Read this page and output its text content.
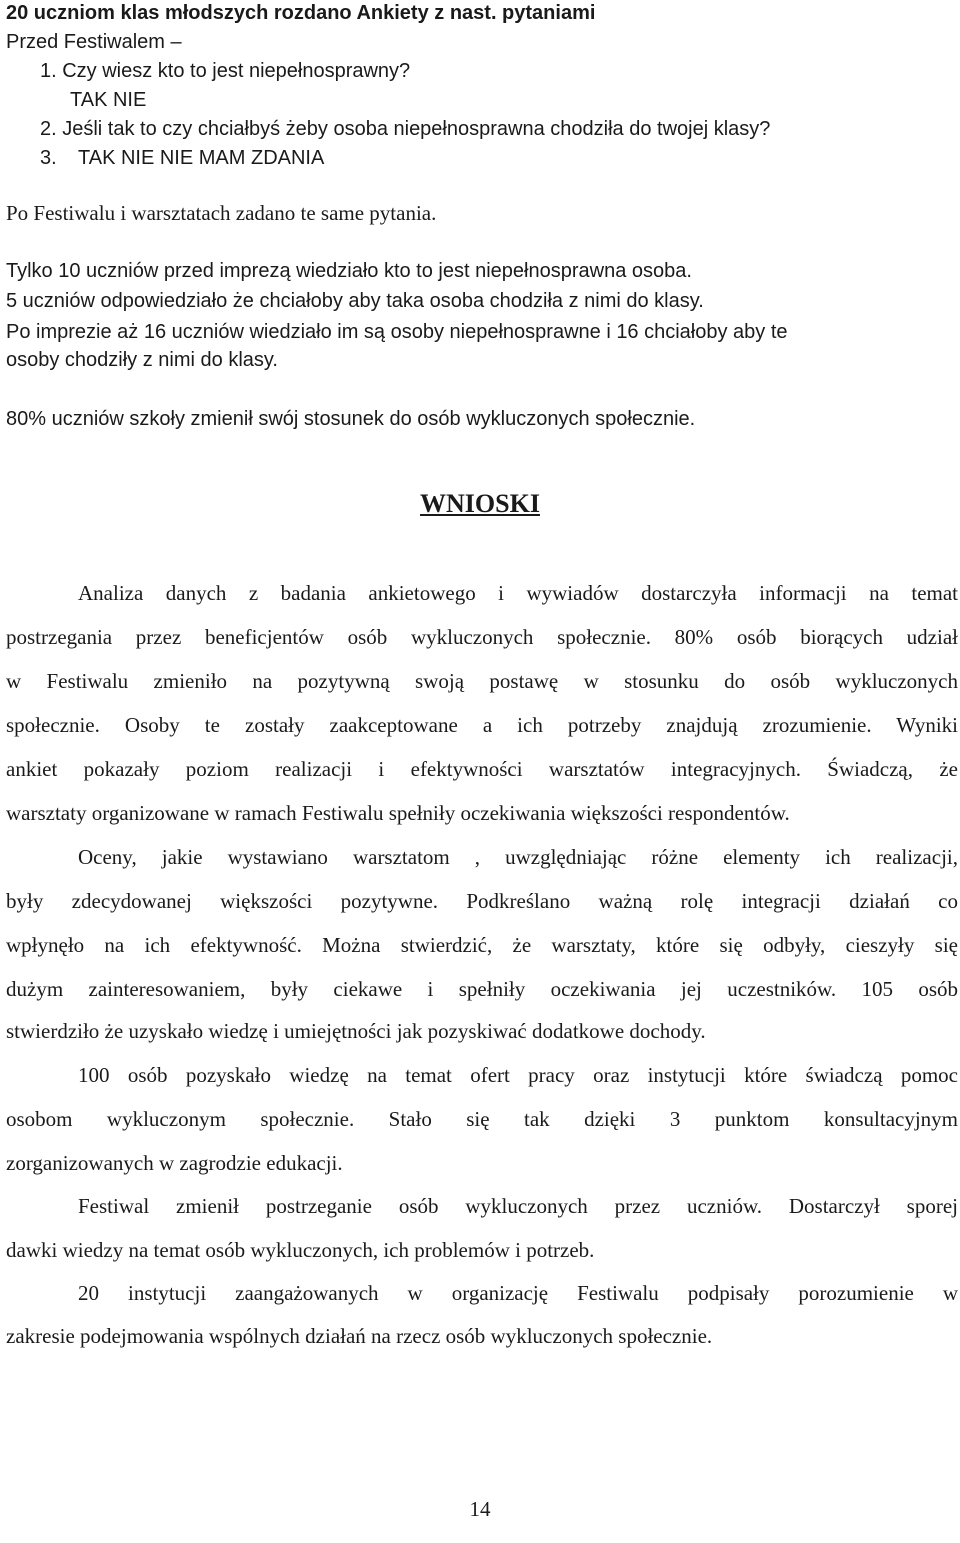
20 uczniom klas młodszych rozdano Ankiety z nast. pytaniami
Przed Festiwalem –
1. Czy wiesz kto to jest niepełnosprawny?
TAK NIE
2. Jeśli tak to czy chciałbyś żeby osoba niepełnosprawna chodziła do twojej klasy?
3. TAK NIE NIE MAM ZDANIA
Po Festiwalu i warsztatach zadano te same pytania.
Tylko 10 uczniów przed imprezą wiedziało kto to jest niepełnosprawna osoba.
5 uczniów odpowiedziało że chciałoby aby taka osoba chodziła z nimi do klasy.
Po imprezie aż 16 uczniów wiedziało im są osoby niepełnosprawne i 16 chciałoby aby te
osoby chodziły z nimi do klasy.
80% uczniów szkoły zmienił swój stosunek do osób wykluczonych społecznie.
WNIOSKI
Analiza danych z badania ankietowego i wywiadów dostarczyła informacji na temat
postrzegania przez beneficjentów osób wykluczonych społecznie. 80% osób biorących udział
w Festiwalu zmieniło na pozytywną swoją postawę w stosunku do osób wykluczonych
społecznie. Osoby te zostały zaakceptowane a ich potrzeby znajdują zrozumienie. Wyniki
ankiet pokazały poziom realizacji i efektywności warsztatów integracyjnych. Świadczą, że
warsztaty organizowane w ramach Festiwalu spełniły oczekiwania większości respondentów.
Oceny, jakie wystawiano warsztatom , uwzględniając różne elementy ich realizacji,
były zdecydowanej większości pozytywne. Podkreślano ważną rolę integracji działań co
wpłynęło na ich efektywność. Można stwierdzić, że warsztaty, które się odbyły, cieszyły się
dużym zainteresowaniem, były ciekawe i spełniły oczekiwania jej uczestników. 105 osób
stwierdziło że uzyskało wiedzę i umiejętności jak pozyskiwać dodatkowe dochody.
100 osób pozyskało wiedzę na temat ofert pracy oraz instytucji które świadczą pomoc
osobom wykluczonym społecznie. Stało się tak dzięki 3 punktom konsultacyjnym
zorganizowanych w zagrodzie edukacji.
Festiwal zmienił postrzeganie osób wykluczonych przez uczniów. Dostarczył sporej
dawki wiedzy na temat osób wykluczonych, ich problemów i potrzeb.
20 instytucji zaangażowanych w organizację Festiwalu podpisały porozumienie w
zakresie podejmowania wspólnych działań na rzecz osób wykluczonych społecznie.
14
